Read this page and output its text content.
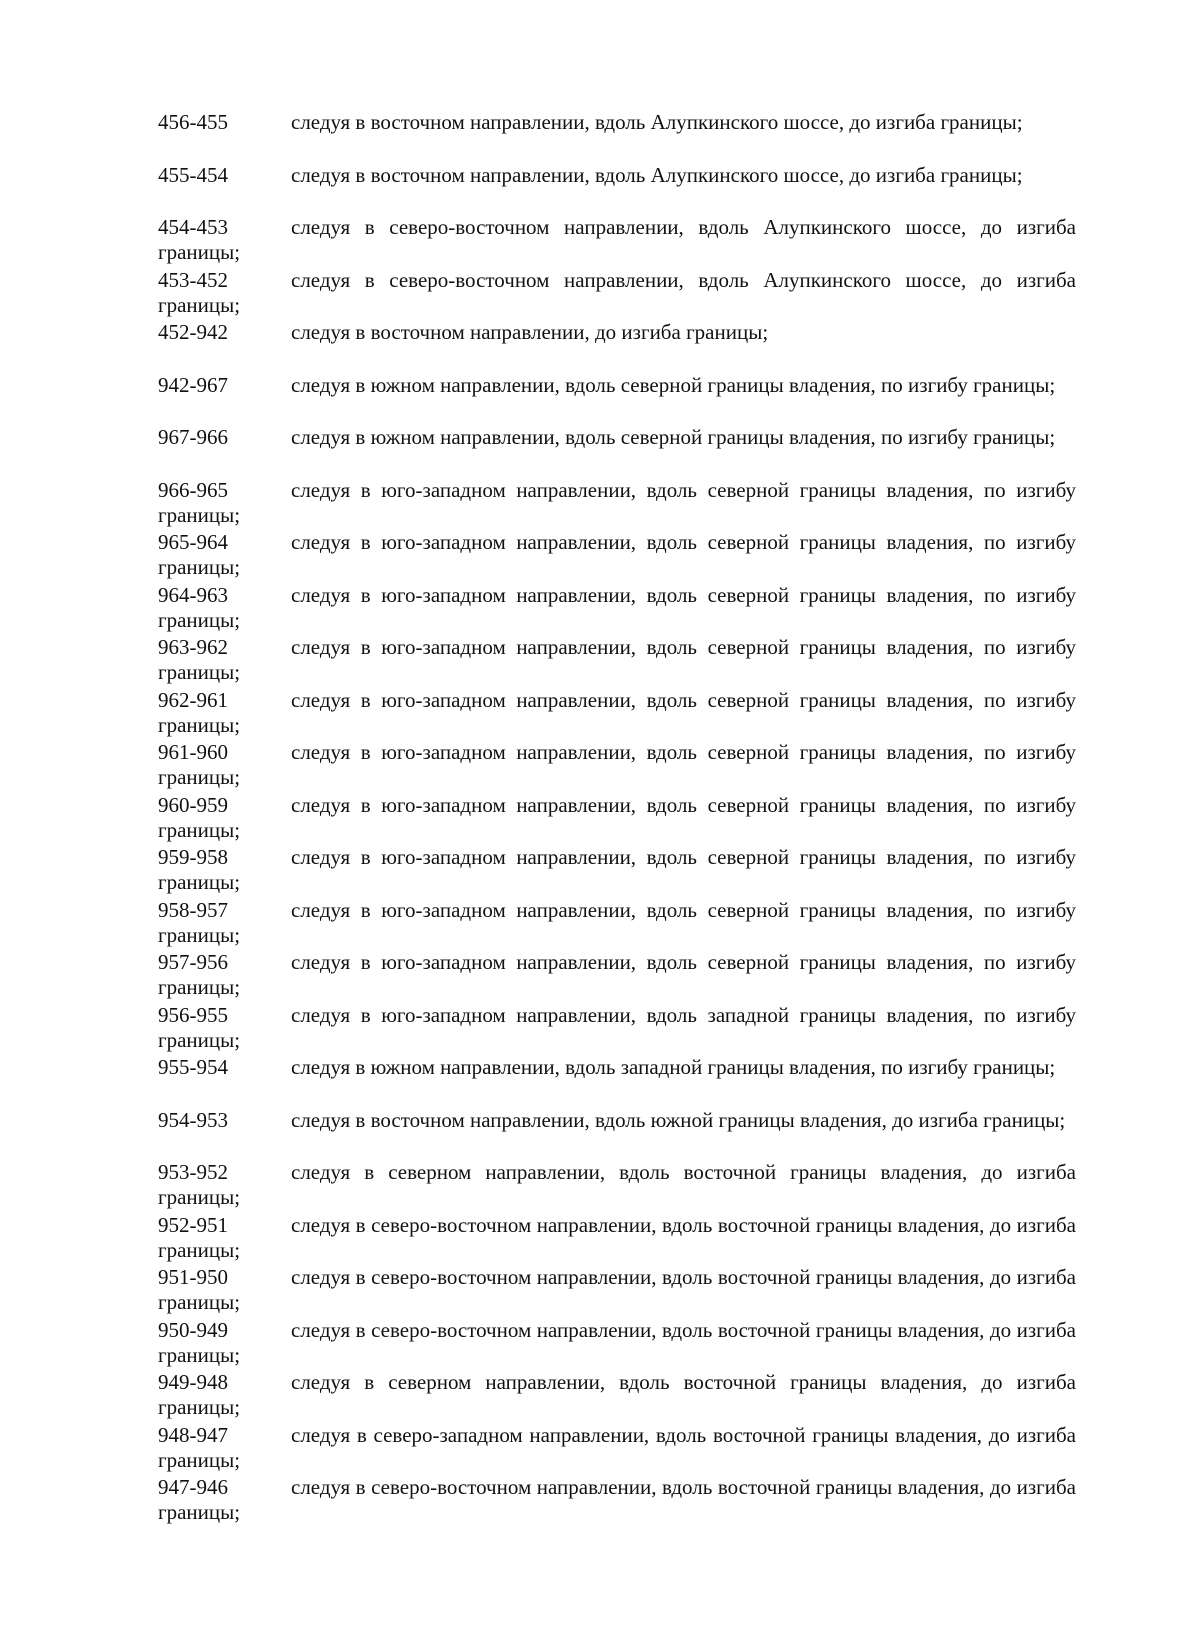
456-455	следуя в восточном направлении, вдоль Алупкинского шоссе, до изгиба границы;
455-454	следуя в восточном направлении, вдоль Алупкинского шоссе, до изгиба границы;
454-453	следуя в северо-восточном направлении, вдоль Алупкинского шоссе, до изгиба границы;
453-452	следуя в северо-восточном направлении, вдоль Алупкинского шоссе, до изгиба границы;
452-942	следуя в восточном направлении, до изгиба границы;
942-967	следуя в южном направлении, вдоль северной границы владения, по изгибу границы;
967-966	следуя в южном направлении, вдоль северной границы владения, по изгибу границы;
966-965	следуя в юго-западном направлении, вдоль северной границы владения, по изгибу границы;
965-964	следуя в юго-западном направлении, вдоль северной границы владения, по изгибу границы;
964-963	следуя в юго-западном направлении, вдоль северной границы владения, по изгибу границы;
963-962	следуя в юго-западном направлении, вдоль северной границы владения, по изгибу границы;
962-961	следуя в юго-западном направлении, вдоль северной границы владения, по изгибу границы;
961-960	следуя в юго-западном направлении, вдоль северной границы владения, по изгибу границы;
960-959	следуя в юго-западном направлении, вдоль северной границы владения, по изгибу границы;
959-958	следуя в юго-западном направлении, вдоль северной границы владения, по изгибу границы;
958-957	следуя в юго-западном направлении, вдоль северной границы владения, по изгибу границы;
957-956	следуя в юго-западном направлении, вдоль северной границы владения, по изгибу границы;
956-955	следуя в юго-западном направлении, вдоль западной границы владения, по изгибу границы;
955-954	следуя в южном направлении, вдоль западной границы владения, по изгибу границы;
954-953	следуя в восточном направлении, вдоль южной границы владения, до изгиба границы;
953-952	следуя в северном направлении, вдоль восточной границы владения, до изгиба границы;
952-951	следуя в северо-восточном направлении, вдоль восточной границы владения, до изгиба границы;
951-950	следуя в северо-восточном направлении, вдоль восточной границы владения, до изгиба границы;
950-949	следуя в северо-восточном направлении, вдоль восточной границы владения, до изгиба границы;
949-948	следуя в северном направлении, вдоль восточной границы владения, до изгиба границы;
948-947	следуя в северо-западном направлении, вдоль восточной границы владения, до изгиба границы;
947-946	следуя в северо-восточном направлении, вдоль восточной границы владения, до изгиба границы;
